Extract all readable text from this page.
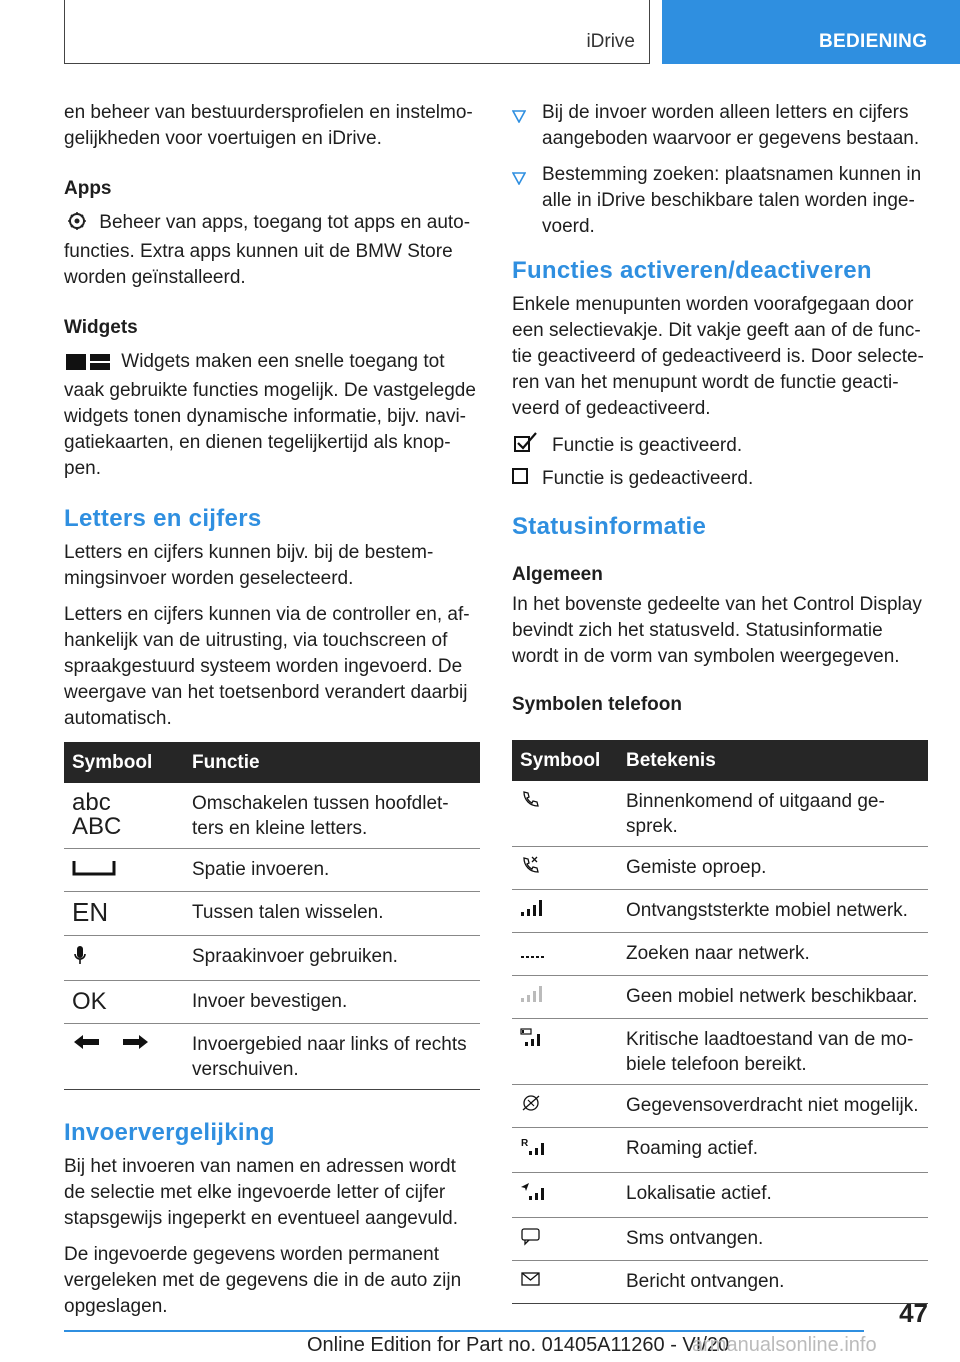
iDrive	BEDIENING

en beheer van bestuurdersprofielen en instelmo-gelijkheden voor voertuigen en iDrive.

Apps

Beheer van apps, toegang tot apps en auto-functies. Extra apps kunnen uit de BMW Store worden geïnstalleerd.

Widgets

Widgets maken een snelle toegang tot vaak gebruikte functies mogelijk. De vastgelegde widgets tonen dynamische informatie, bijv. navi-gatiekaarten, en dienen tegelijkertijd als knop-pen.

Letters en cijfers

Letters en cijfers kunnen bijv. bij de bestem-mingsinvoer worden geselecteerd.

Letters en cijfers kunnen via de controller en, af-hankelijk van de uitrusting, via touchscreen of spraakgestuurd systeem worden ingevoerd. De weergave van het toetsenbord verandert daarbij automatisch.

Symbool	Functie

abc
ABC	Omschakelen tussen hoofdlet-ters en kleine letters.
	Spatie invoeren.
EN	Tussen talen wisselen.
	Spraakinvoer gebruiken.
OK	Invoer bevestigen.
	Invoergebied naar links of rechts verschuiven.
Invoervergelijking

Bij het invoeren van namen en adressen wordt de selectie met elke ingevoerde letter of cijfer stapsgewijs ingeperkt en eventueel aangevuld.

De ingevoerde gegevens worden permanent vergeleken met de gegevens die in de auto zijn opgeslagen.

Bij de invoer worden alleen letters en cijfers aangeboden waarvoor er gegevens bestaan.
Bestemming zoeken: plaatsnamen kunnen in alle in iDrive beschikbare talen worden inge-voerd.
Functies activeren/deactiveren

Enkele menupunten worden voorafgegaan door een selectievakje. Dit vakje geeft aan of de func-tie geactiveerd of gedeactiveerd is. Door selecte-ren van het menupunt wordt de functie geacti-veerd of gedeactiveerd.

Functie is geactiveerd.
Functie is gedeactiveerd.
Statusinformatie

Algemeen

In het bovenste gedeelte van het Control Display bevindt zich het statusveld. Statusinformatie wordt in de vorm van symbolen weergegeven.

Symbolen telefoon

Symbool	Betekenis
	Binnenkomend of uitgaand ge-sprek.
	Gemiste oproep.
	Ontvangststerkte mobiel netwerk.
	Zoeken naar netwerk.
	Geen mobiel netwerk beschikbaar.
	Kritische laadtoestand van de mo-biele telefoon bereikt.
	Gegevensoverdracht niet mogelijk.

R	Roaming actief.
	Lokalisatie actief.
	Sms ontvangen.
	Bericht ontvangen.
47
Online Edition for Part no. 01405A11260 - VI/20
armanualsonline.info
